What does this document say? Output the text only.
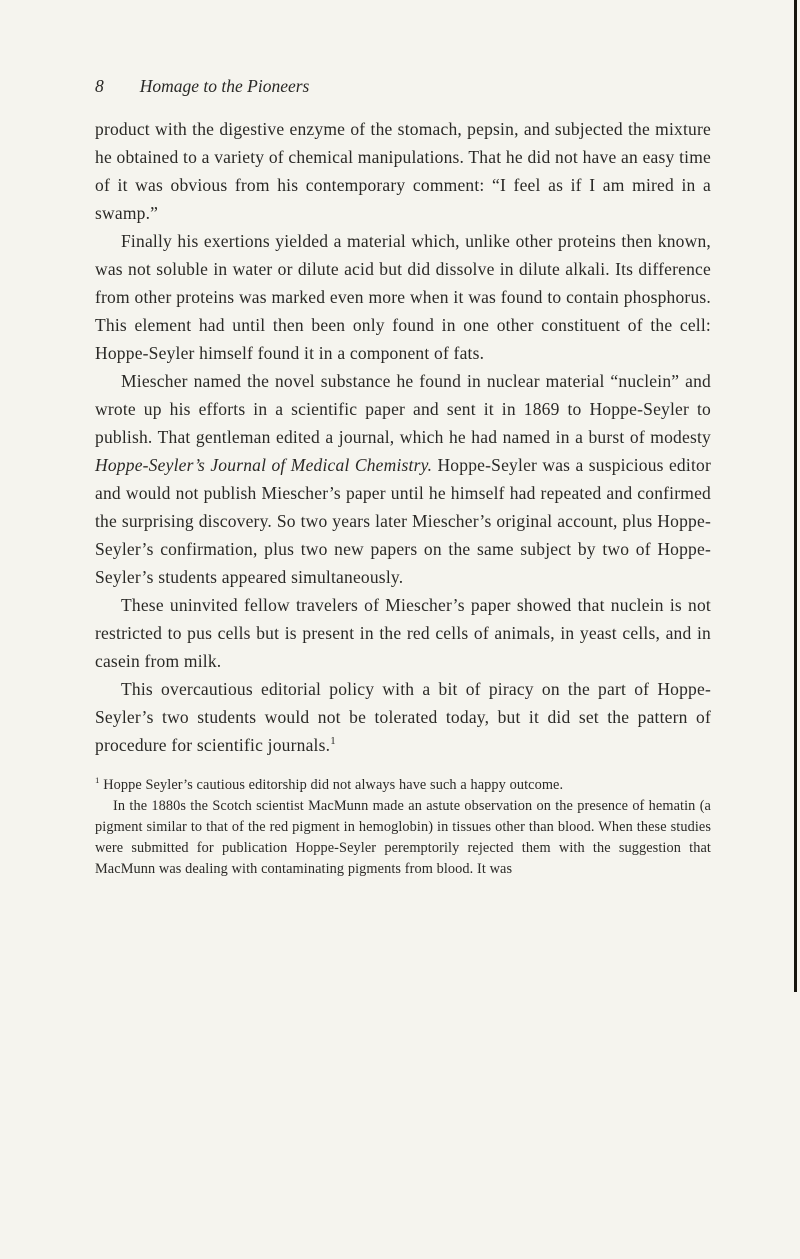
8 Homage to the Pioneers

product with the digestive enzyme of the stomach, pepsin, and subjected the mixture he obtained to a variety of chemical manipulations. That he did not have an easy time of it was obvious from his contemporary comment: “I feel as if I am mired in a swamp.”

Finally his exertions yielded a material which, unlike other proteins then known, was not soluble in water or dilute acid but did dissolve in dilute alkali. Its difference from other proteins was marked even more when it was found to contain phosphorus. This element had until then been only found in one other constituent of the cell: Hoppe-Seyler himself found it in a component of fats.

Miescher named the novel substance he found in nuclear material “nuclein” and wrote up his efforts in a scientific paper and sent it in 1869 to Hoppe-Seyler to publish. That gentleman edited a journal, which he had named in a burst of modesty Hoppe-Seyler’s Journal of Medical Chemistry. Hoppe-Seyler was a suspicious editor and would not publish Miescher’s paper until he himself had repeated and confirmed the surprising discovery. So two years later Miescher’s original account, plus Hoppe-Seyler’s confirmation, plus two new papers on the same subject by two of Hoppe-Seyler’s students appeared simultaneously.

These uninvited fellow travelers of Miescher’s paper showed that nuclein is not restricted to pus cells but is present in the red cells of animals, in yeast cells, and in casein from milk.

This overcautious editorial policy with a bit of piracy on the part of Hoppe-Seyler’s two students would not be tolerated today, but it did set the pattern of procedure for scientific journals.$^1$

$^1$ Hoppe Seyler’s cautious editorship did not always have such a happy outcome.

In the 1880s the Scotch scientist MacMunn made an astute observation on the presence of hematin (a pigment similar to that of the red pigment in hemoglobin) in tissues other than blood. When these studies were submitted for publication Hoppe-Seyler peremptorily rejected them with the suggestion that MacMunn was dealing with contaminating pigments from blood. It was
